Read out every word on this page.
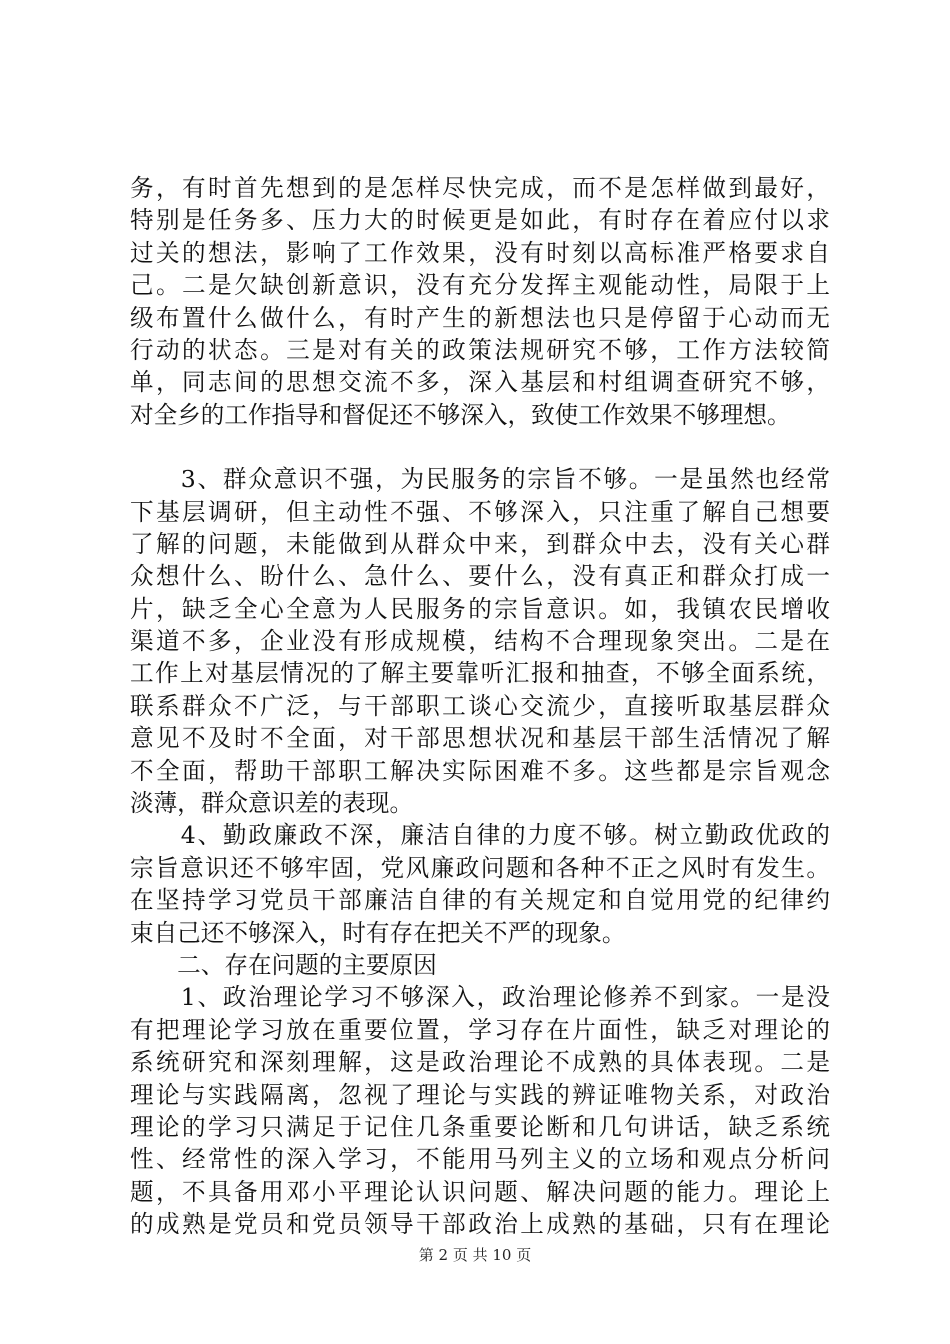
务，有时首先想到的是怎样尽快完成，而不是怎样做到最好，
特别是任务多、压力大的时候更是如此，有时存在着应付以求
过关的想法，影响了工作效果，没有时刻以高标准严格要求自
己。二是欠缺创新意识，没有充分发挥主观能动性，局限于上
级布置什么做什么，有时产生的新想法也只是停留于心动而无
行动的状态。三是对有关的政策法规研究不够，工作方法较简
单，同志间的思想交流不多，深入基层和村组调查研究不够，
对全乡的工作指导和督促还不够深入，致使工作效果不够理想。
　　3、群众意识不强，为民服务的宗旨不够。一是虽然也经常
下基层调研，但主动性不强、不够深入，只注重了解自己想要
了解的问题，未能做到从群众中来，到群众中去，没有关心群
众想什么、盼什么、急什么、要什么，没有真正和群众打成一
片，缺乏全心全意为人民服务的宗旨意识。如，我镇农民增收
渠道不多，企业没有形成规模，结构不合理现象突出。二是在
工作上对基层情况的了解主要靠听汇报和抽查，不够全面系统，
联系群众不广泛，与干部职工谈心交流少，直接听取基层群众
意见不及时不全面，对干部思想状况和基层干部生活情况了解
不全面，帮助干部职工解决实际困难不多。这些都是宗旨观念
淡薄，群众意识差的表现。
　　4、勤政廉政不深，廉洁自律的力度不够。树立勤政优政的
宗旨意识还不够牢固，党风廉政问题和各种不正之风时有发生。
在坚持学习党员干部廉洁自律的有关规定和自觉用党的纪律约
束自己还不够深入，时有存在把关不严的现象。
　　二、存在问题的主要原因
　　1、政治理论学习不够深入，政治理论修养不到家。一是没
有把理论学习放在重要位置，学习存在片面性，缺乏对理论的
系统研究和深刻理解，这是政治理论不成熟的具体表现。二是
理论与实践隔离，忽视了理论与实践的辨证唯物关系，对政治
理论的学习只满足于记住几条重要论断和几句讲话，缺乏系统
性、经常性的深入学习，不能用马列主义的立场和观点分析问
题，不具备用邓小平理论认识问题、解决问题的能力。理论上
的成熟是党员和党员领导干部政治上成熟的基础，只有在理论
第 2 页 共 10 页
